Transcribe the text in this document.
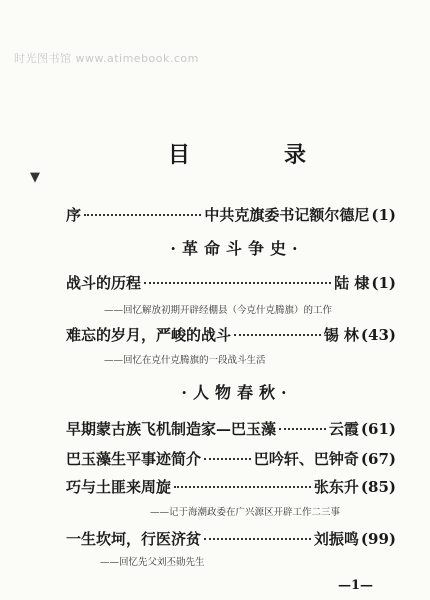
时光图书馆 www.atimebook.com
▼
目	录
序	中共克旗委书记额尔德尼 (1)
·革命斗争史·
战斗的历程	陆 棣 (1)
——回忆解放初期开辟经棚县（今克什克腾旗）的工作
难忘的岁月，严峻的战斗	锡 林 (43)
——回忆在克什克腾旗的一段战斗生活
·人物春秋·
早期蒙古族飞机制造家—巴玉藻	云霞 (61)
巴玉藻生平事迹简介	巴吟轩、巴钟奇 (67)
巧与土匪来周旋	张东升 (85)
——记于海潮政委在广兴源区开辟工作二三事
一生坎坷，行医济贫	刘振鸣 (99)
——回忆先父刘丕勋先生
—1—
